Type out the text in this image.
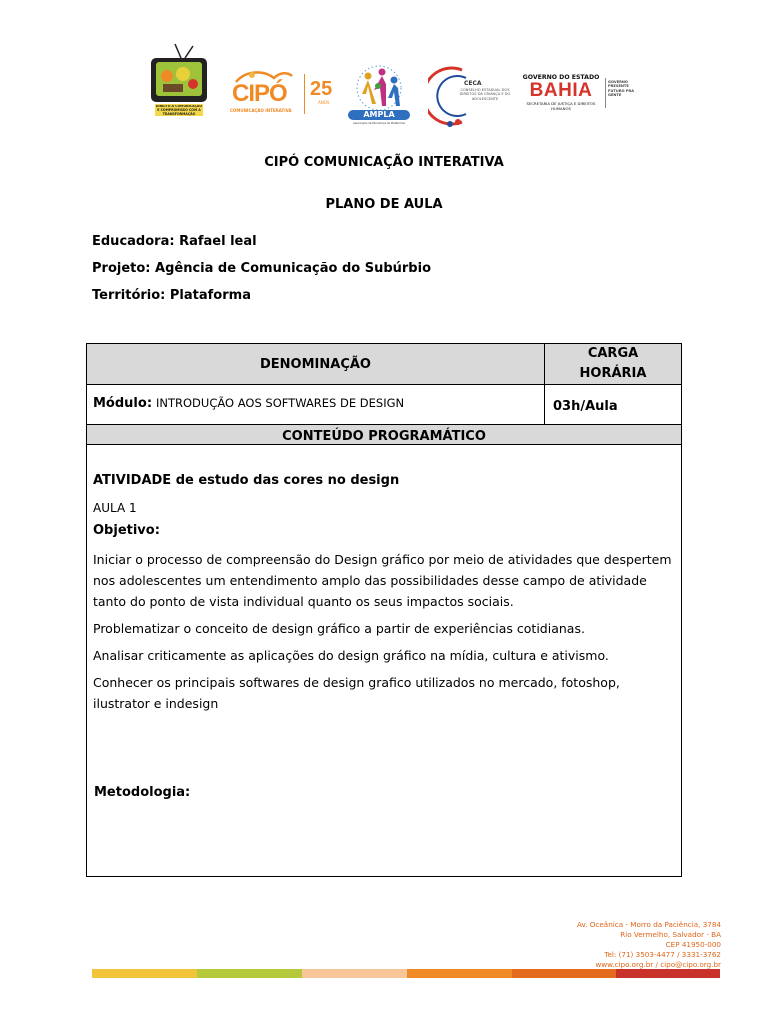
DIREITO À COMUNICAÇÃO E COMPROMISSO COM A TRANSFORMAÇÃO
CIPÓ
COMUNICAÇÃO INTERATIVA
25
ANOS
AMPLA
Associação de Moradores de Plataforma
CECA
CONSELHO ESTADUAL DOS DIREITOS DA CRIANÇA E DO ADOLESCENTE
GOVERNO DO ESTADO
BAHIA
SECRETARIA DE JUSTIÇA E DIREITOS HUMANOS
GOVERNO PRESENTE FUTURO PRA GENTE
CIPÓ COMUNICAÇÃO INTERATIVA
PLANO DE AULA
Educadora: Rafael leal
Projeto: Agência de Comunicação do Subúrbio
Território: Plataforma
DENOMINAÇÃO
CARGA
HORÁRIA
Módulo: INTRODUÇÃO AOS SOFTWARES DE DESIGN	03h/Aula
CONTEÚDO PROGRAMÁTICO
ATIVIDADE de estudo das cores no design
AULA 1
Objetivo:
Iniciar o processo de compreensão do Design gráfico por meio de atividades que despertem nos adolescentes um entendimento amplo das possibilidades desse campo de atividade tanto do ponto de vista individual quanto os seus impactos sociais.
Problematizar o conceito de design gráfico a partir de experiências cotidianas.
Analisar criticamente as aplicações do design gráfico na mídia, cultura e ativismo.
Conhecer os principais softwares de design grafico utilizados no mercado, fotoshop, ilustrator e indesign
Metodologia:
Av. Oceânica - Morro da Paciência, 3784
Rio Vermelho, Salvador - BA
CEP 41950-000
Tel: (71) 3503-4477 / 3331-3762
www.cipo.org.br / cipo@cipo.org.br
